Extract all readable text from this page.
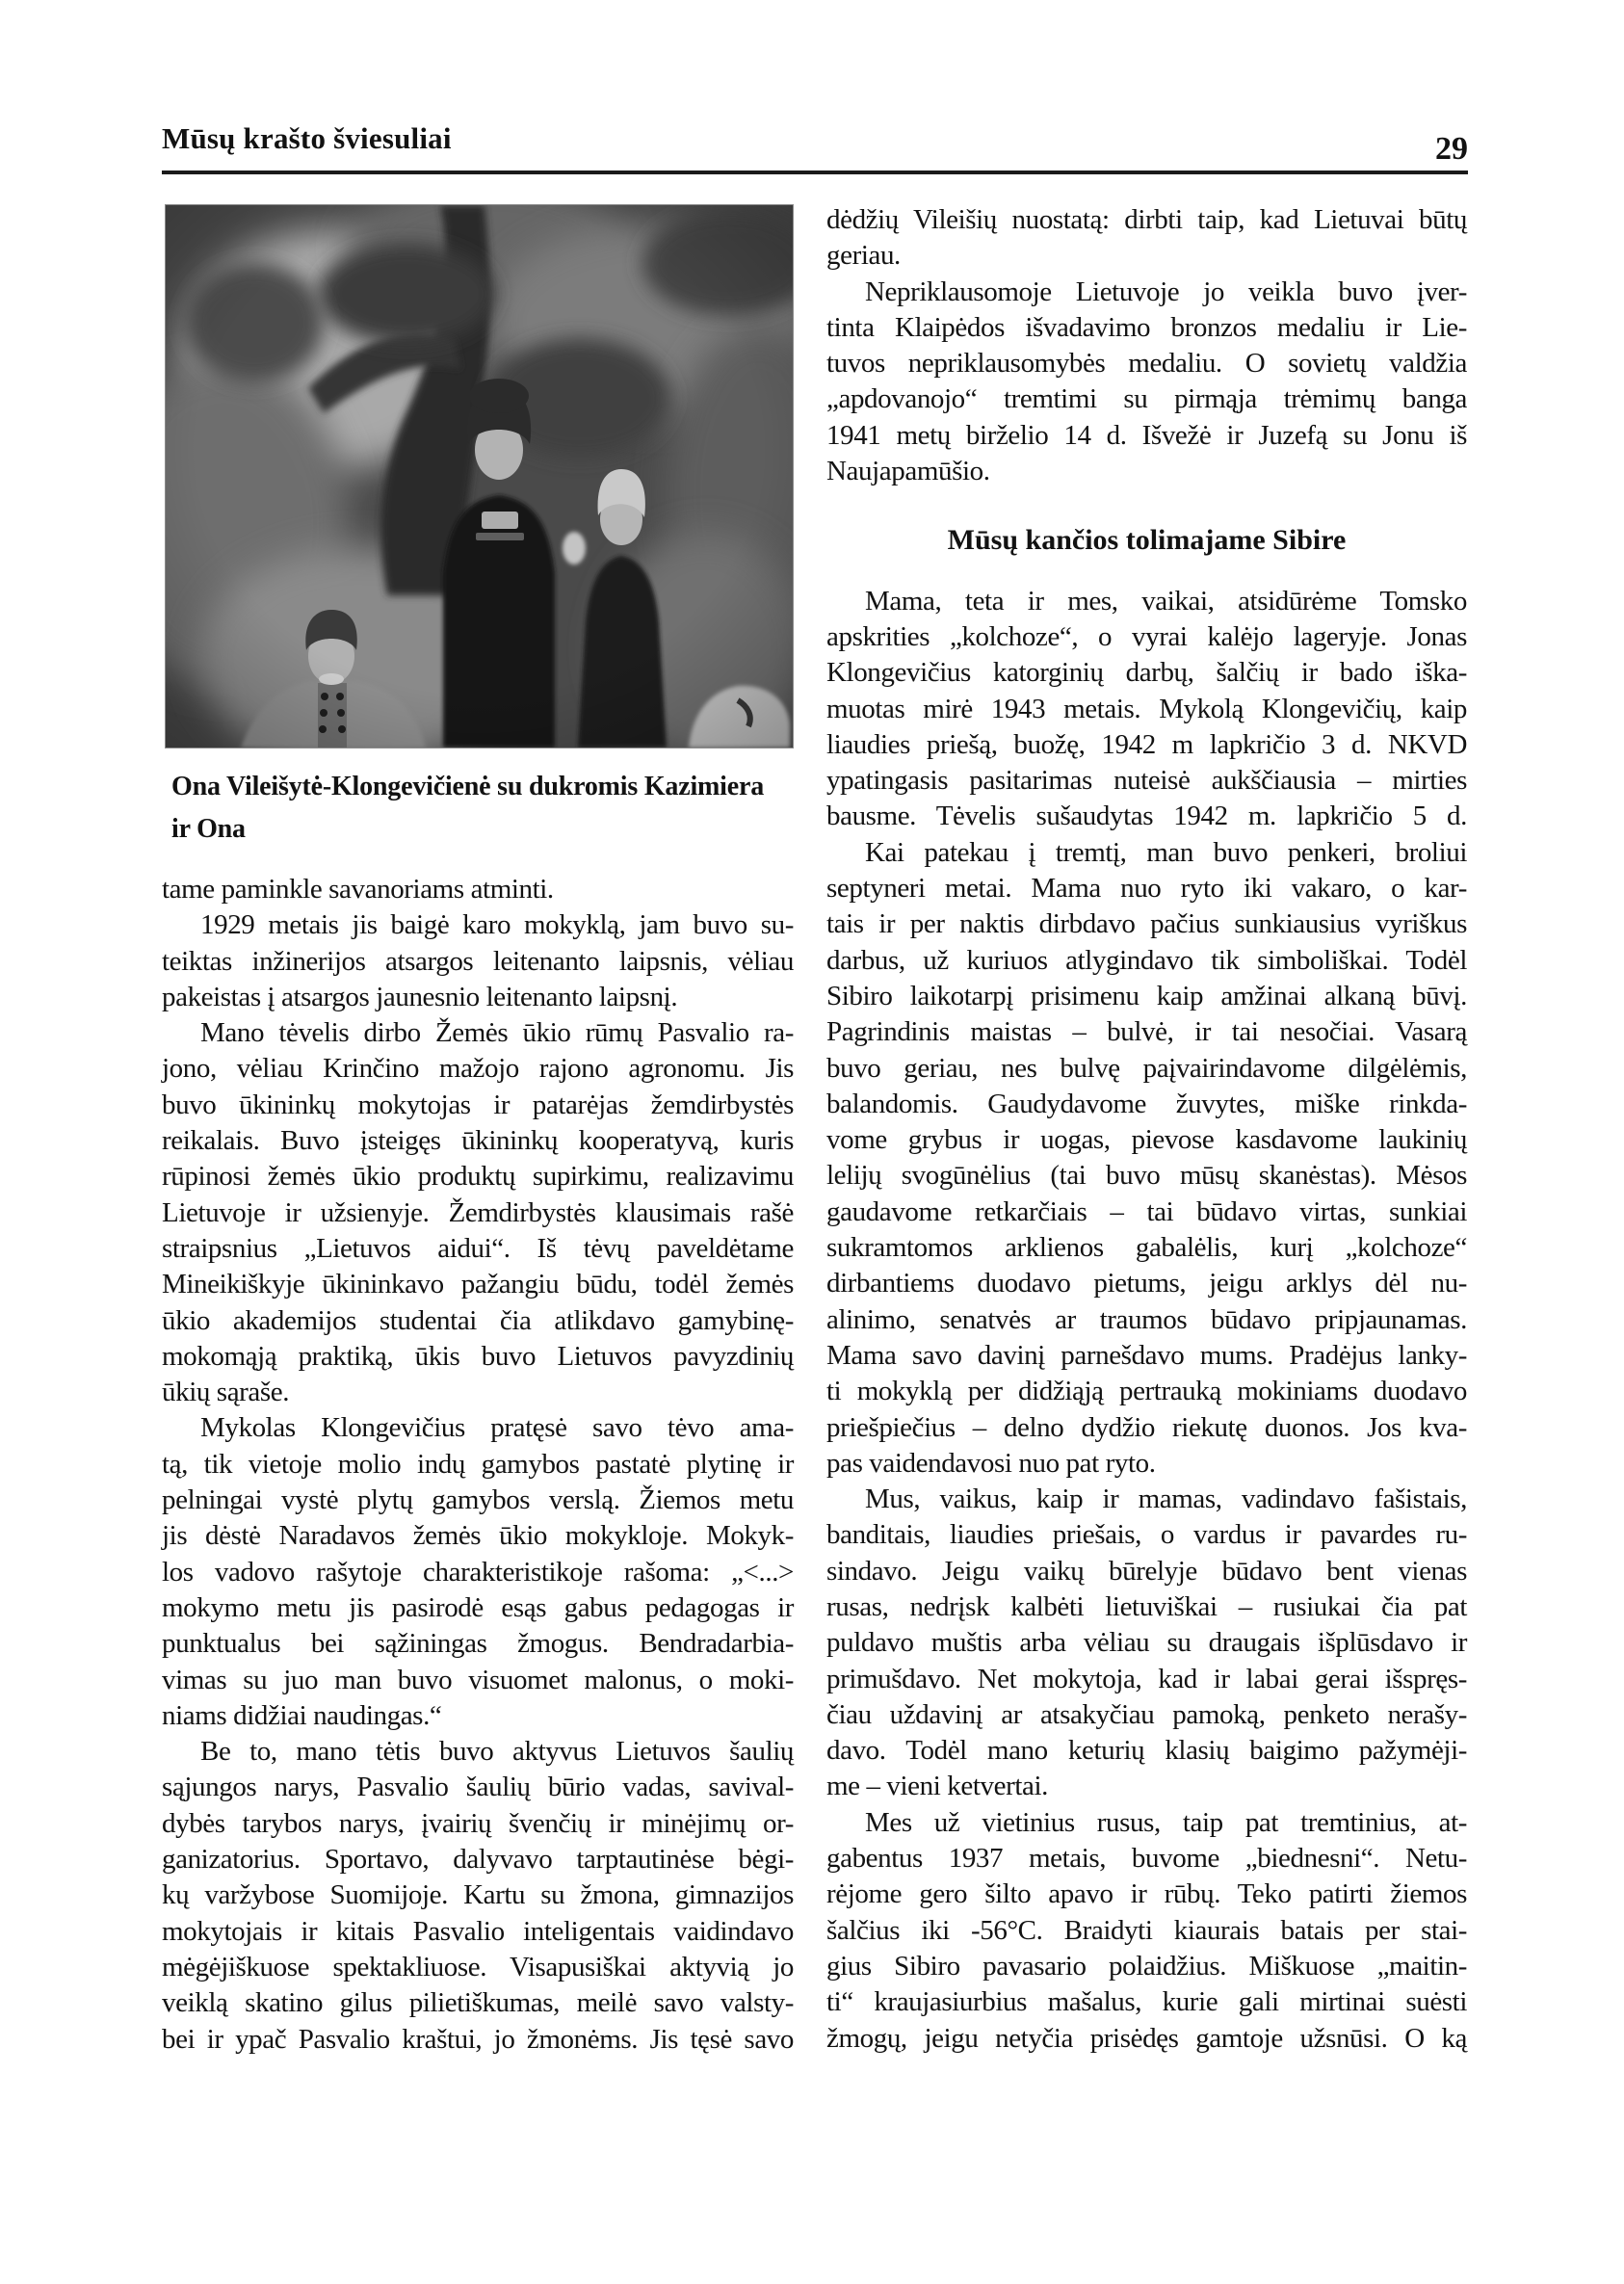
Mūsų krašto šviesuliai	29
Ona Vileišytė-Klongevičienė su dukromis Kazimiera
ir Ona
tame paminkle savanoriams atminti.
1929 metais jis baigė karo mokyklą, jam buvo su-
teiktas inžinerijos atsargos leitenanto laipsnis, vėliau
pakeistas į atsargos jaunesnio leitenanto laipsnį.
Mano tėvelis dirbo Žemės ūkio rūmų Pasvalio ra-
jono, vėliau Krinčino mažojo rajono agronomu. Jis
buvo ūkininkų mokytojas ir patarėjas žemdirbystės
reikalais. Buvo įsteigęs ūkininkų kooperatyvą, kuris
rūpinosi žemės ūkio produktų supirkimu, realizavimu
Lietuvoje ir užsienyje. Žemdirbystės klausimais rašė
straipsnius „Lietuvos aidui“. Iš tėvų paveldėtame
Mineikiškyje ūkininkavo pažangiu būdu, todėl žemės
ūkio akademijos studentai čia atlikdavo gamybinę-
mokomąją praktiką, ūkis buvo Lietuvos pavyzdinių
ūkių sąraše.
Mykolas Klongevičius pratęsė savo tėvo ama-
tą, tik vietoje molio indų gamybos pastatė plytinę ir
pelningai vystė plytų gamybos verslą. Žiemos metu
jis dėstė Naradavos žemės ūkio mokykloje. Mokyk-
los vadovo rašytoje charakteristikoje rašoma: „<...>
mokymo metu jis pasirodė esąs gabus pedagogas ir
punktualus bei sąžiningas žmogus. Bendradarbia-
vimas su juo man buvo visuomet malonus, o moki-
niams didžiai naudingas.“
Be to, mano tėtis buvo aktyvus Lietuvos šaulių
sąjungos narys, Pasvalio šaulių būrio vadas, savival-
dybės tarybos narys, įvairių švenčių ir minėjimų or-
ganizatorius. Sportavo, dalyvavo tarptautinėse bėgi-
kų varžybose Suomijoje. Kartu su žmona, gimnazijos
mokytojais ir kitais Pasvalio inteligentais vaidindavo
mėgėjiškuose spektakliuose. Visapusiškai aktyvią jo
veiklą skatino gilus pilietiškumas, meilė savo valsty-
bei ir ypač Pasvalio kraštui, jo žmonėms. Jis tęsė savo
dėdžių Vileišių nuostatą: dirbti taip, kad Lietuvai būtų
geriau.
Nepriklausomoje Lietuvoje jo veikla buvo įver-
tinta Klaipėdos išvadavimo bronzos medaliu ir Lie-
tuvos nepriklausomybės medaliu. O sovietų valdžia
„apdovanojo“ tremtimi su pirmąja trėmimų banga
1941 metų birželio 14 d. Išvežė ir Juzefą su Jonu iš
Naujapamūšio.
Mūsų kančios tolimajame Sibire
Mama, teta ir mes, vaikai, atsidūrėme Tomsko
apskrities „kolchoze“, o vyrai kalėjo lageryje. Jonas
Klongevičius katorginių darbų, šalčių ir bado iška-
muotas mirė 1943 metais. Mykolą Klongevičių, kaip
liaudies priešą, buožę, 1942 m lapkričio 3 d. NKVD
ypatingasis pasitarimas nuteisė aukščiausia – mirties
bausme. Tėvelis sušaudytas 1942 m. lapkričio 5 d.
Kai patekau į tremtį, man buvo penkeri, broliui
septyneri metai. Mama nuo ryto iki vakaro, o kar-
tais ir per naktis dirbdavo pačius sunkiausius vyriškus
darbus, už kuriuos atlygindavo tik simboliškai. Todėl
Sibiro laikotarpį prisimenu kaip amžinai alkaną būvį.
Pagrindinis maistas – bulvė, ir tai nesočiai. Vasarą
buvo geriau, nes bulvę paįvairindavome dilgėlėmis,
balandomis. Gaudydavome žuvytes, miške rinkda-
vome grybus ir uogas, pievose kasdavome laukinių
lelijų svogūnėlius (tai buvo mūsų skanėstas). Mėsos
gaudavome retkarčiais – tai būdavo virtas, sunkiai
sukramtomos arklienos gabalėlis, kurį „kolchoze“
dirbantiems duodavo pietums, jeigu arklys dėl nu-
alinimo, senatvės ar traumos būdavo pripjaunamas.
Mama savo davinį parnešdavo mums. Pradėjus lanky-
ti mokyklą per didžiąją pertrauką mokiniams duodavo
priešpiečius – delno dydžio riekutę duonos. Jos kva-
pas vaidendavosi nuo pat ryto.
Mus, vaikus, kaip ir mamas, vadindavo fašistais,
banditais, liaudies priešais, o vardus ir pavardes ru-
sindavo. Jeigu vaikų būrelyje būdavo bent vienas
rusas, nedrįsk kalbėti lietuviškai – rusiukai čia pat
puldavo muštis arba vėliau su draugais išplūsdavo ir
primušdavo. Net mokytoja, kad ir labai gerai išspręs-
čiau uždavinį ar atsakyčiau pamoką, penketo nerašy-
davo. Todėl mano keturių klasių baigimo pažymėji-
me – vieni ketvertai.
Mes už vietinius rusus, taip pat tremtinius, at-
gabentus 1937 metais, buvome „biednesni“. Netu-
rėjome gero šilto apavo ir rūbų. Teko patirti žiemos
šalčius iki -56°C. Braidyti kiaurais batais per stai-
gius Sibiro pavasario polaidžius. Miškuose „maitin-
ti“ kraujasiurbius mašalus, kurie gali mirtinai suėsti
žmogų, jeigu netyčia prisėdęs gamtoje užsnūsi. O ką
